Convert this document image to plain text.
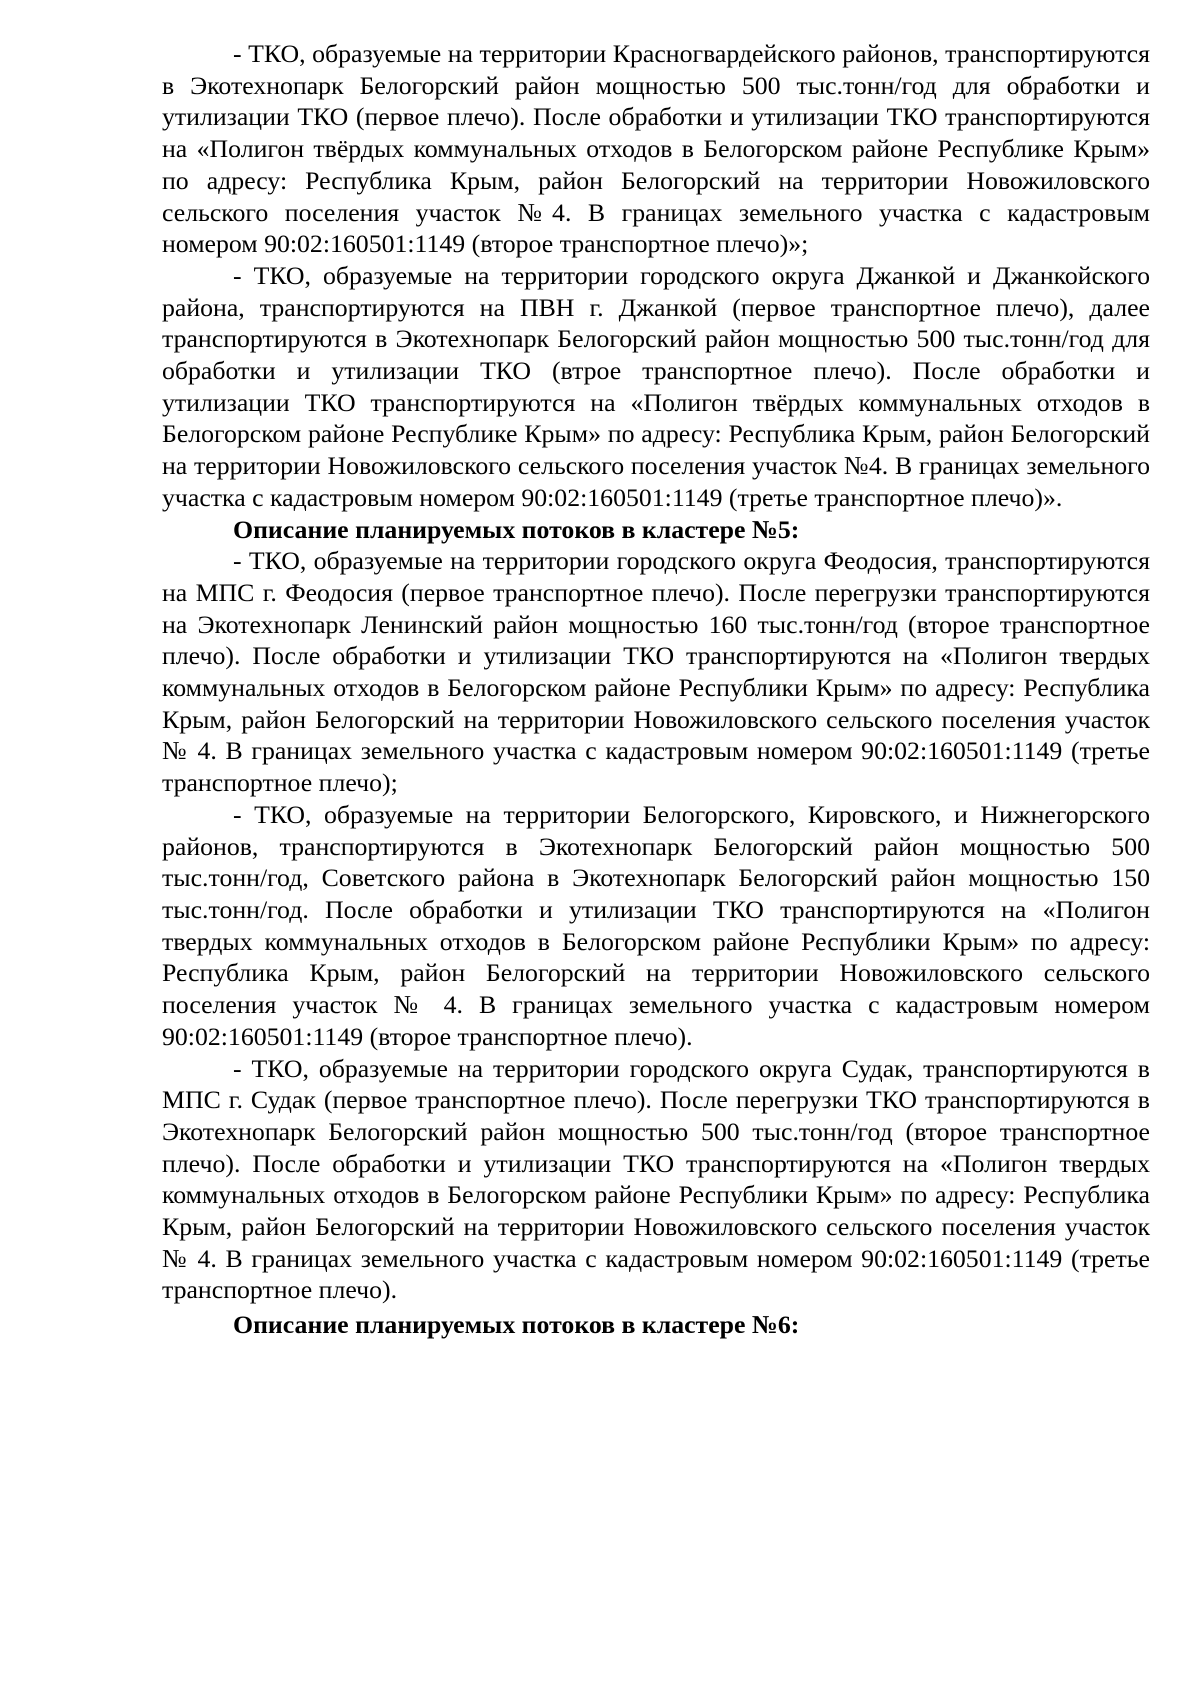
- ТКО, образуемые на территории Красногвардейского районов, транспортируются в Экотехнопарк Белогорский район мощностью 500 тыс.тонн/год для обработки и утилизации ТКО (первое плечо). После обработки и утилизации ТКО транспортируются на «Полигон твёрдых коммунальных отходов в Белогорском районе Республике Крым» по адресу: Республика Крым, район Белогорский на территории Новожиловского сельского поселения участок №4. В границах земельного участка с кадастровым номером 90:02:160501:1149 (второе транспортное плечо)»;

- ТКО, образуемые на территории городского округа Джанкой и Джанкойского района, транспортируются на ПВН г. Джанкой (первое транспортное плечо), далее транспортируются в Экотехнопарк Белогорский район мощностью 500 тыс.тонн/год для обработки и утилизации ТКО (втрое транспортное плечо). После обработки и утилизации ТКО транспортируются на «Полигон твёрдых коммунальных отходов в Белогорском районе Республике Крым» по адресу: Республика Крым, район Белогорский на территории Новожиловского сельского поселения участок №4. В границах земельного участка с кадастровым номером 90:02:160501:1149 (третье транспортное плечо)».

Описание планируемых потоков в кластере №5:

- ТКО, образуемые на территории городского округа Феодосия, транспортируются на МПС г. Феодосия (первое транспортное плечо). После перегрузки транспортируются на Экотехнопарк Ленинский район мощностью 160 тыс.тонн/год (второе транспортное плечо). После обработки и утилизации ТКО транспортируются на «Полигон твердых коммунальных отходов в Белогорском районе Республики Крым» по адресу: Республика Крым, район Белогорский на территории Новожиловского сельского поселения участок № 4. В границах земельного участка с кадастровым номером 90:02:160501:1149 (третье транспортное плечо);

- ТКО, образуемые на территории Белогорского, Кировского, и Нижнегорского районов, транспортируются в Экотехнопарк Белогорский район мощностью 500 тыс.тонн/год, Советского района в Экотехнопарк Белогорский район мощностью 150 тыс.тонн/год. После обработки и утилизации ТКО транспортируются на «Полигон твердых коммунальных отходов в Белогорском районе Республики Крым» по адресу: Республика Крым, район Белогорский на территории Новожиловского сельского поселения участок № 4. В границах земельного участка с кадастровым номером 90:02:160501:1149 (второе транспортное плечо).

- ТКО, образуемые на территории городского округа Судак, транспортируются в МПС г. Судак (первое транспортное плечо). После перегрузки ТКО транспортируются в Экотехнопарк Белогорский район мощностью 500 тыс.тонн/год (второе транспортное плечо). После обработки и утилизации ТКО транспортируются на «Полигон твердых коммунальных отходов в Белогорском районе Республики Крым» по адресу: Республика Крым, район Белогорский на территории Новожиловского сельского поселения участок № 4. В границах земельного участка с кадастровым номером 90:02:160501:1149 (третье транспортное плечо).

Описание планируемых потоков в кластере №6:
